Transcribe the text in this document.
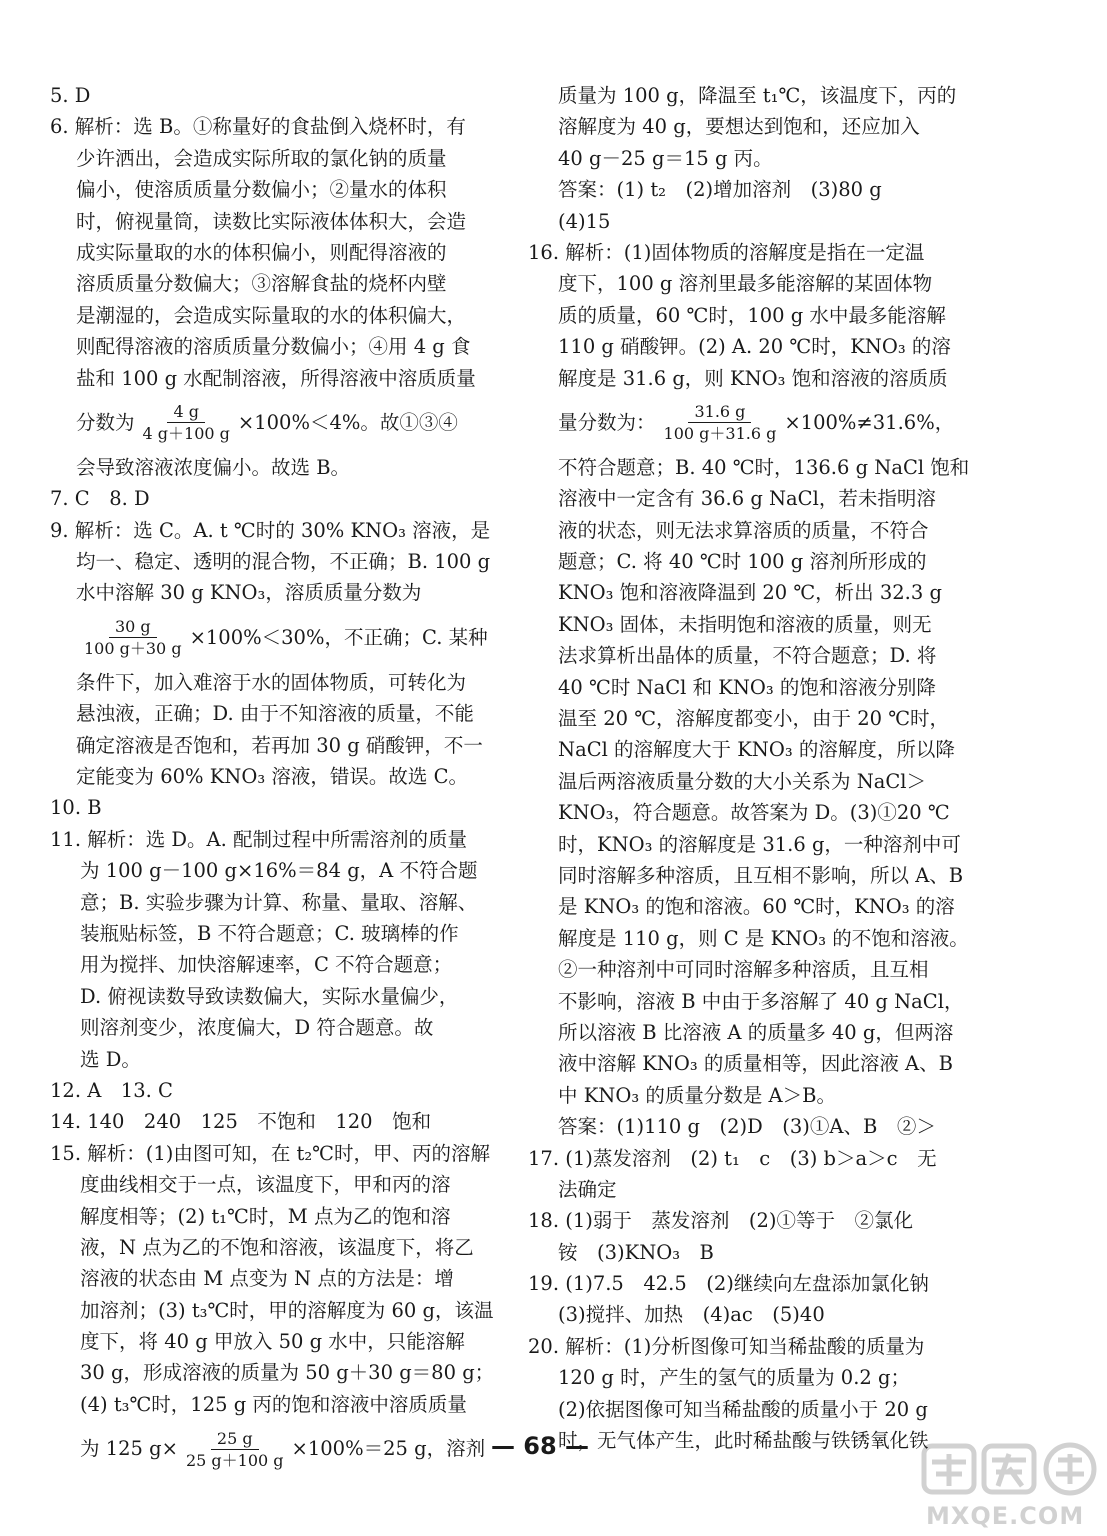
5. D
6. 解析：选 B。①称量好的食盐倒入烧杯时，有
少许洒出，会造成实际所取的氯化钠的质量
偏小，使溶质质量分数偏小；②量水的体积
时，俯视量筒，读数比实际液体体积大，会造
成实际量取的水的体积偏小，则配得溶液的
溶质质量分数偏大；③溶解食盐的烧杯内壁
是潮湿的，会造成实际量取的水的体积偏大，
则配得溶液的溶质质量分数偏小；④用 4 g 食
盐和 100 g 水配制溶液，所得溶液中溶质质量
分数为 $\frac{4 g}{4 g+100 g} \times 100\%<4\%$。故①③④
会导致溶液浓度偏小。故选 B。
7. C　8. D
9. 解析：选 C。A. t ℃时的 30% KNO₃ 溶液，是
均一、稳定、透明的混合物，不正确；B. 100 g
水中溶解 30 g KNO₃，溶质质量分数为
$\frac{30 g}{100 g+30 g} \times 100\%<30\%$，不正确；C. 某种
条件下，加入难溶于水的固体物质，可转化为
悬浊液，正确；D. 由于不知溶液的质量，不能
确定溶液是否饱和，若再加 30 g 硝酸钾，不一
定能变为 60% KNO₃ 溶液，错误。故选 C。
10. B
11. 解析：选 D。A. 配制过程中所需溶剂的质量
为 100 g－100 g×16%＝84 g，A 不符合题
意；B. 实验步骤为计算、称量、量取、溶解、
装瓶贴标签，B 不符合题意；C. 玻璃棒的作
用为搅拌、加快溶解速率，C 不符合题意；
D. 俯视读数导致读数偏大，实际水量偏少，
则溶剂变少，浓度偏大，D 符合题意。故
选 D。
12. A　13. C
14. 140　240　125　不饱和　120　饱和
15. 解析：(1)由图可知，在 t₂℃时，甲、丙的溶解
度曲线相交于一点，该温度下，甲和丙的溶
解度相等；(2) t₁℃时，M 点为乙的饱和溶
液，N 点为乙的不饱和溶液，该温度下，将乙
溶液的状态由 M 点变为 N 点的方法是：增
加溶剂；(3) t₃℃时，甲的溶解度为 60 g，该温
度下，将 40 g 甲放入 50 g 水中，只能溶解
30 g，形成溶液的质量为 50 g＋30 g＝80 g；
(4) t₃℃时，125 g 丙的饱和溶液中溶质质量
为 125 $g\times \frac{25 g}{25 g+100 g} \times 100\%=25$ g，溶剂
质量为 100 g，降温至 t₁℃，该温度下，丙的
溶解度为 40 g，要想达到饱和，还应加入
40 g－25 g＝15 g 丙。
答案：(1) t₂　(2)增加溶剂　(3)80 g
(4)15
16. 解析：(1)固体物质的溶解度是指在一定温
度下，100 g 溶剂里最多能溶解的某固体物
质的质量，60 ℃时，100 g 水中最多能溶解
110 g 硝酸钾。(2) A. 20 ℃时，KNO₃ 的溶
解度是 31.6 g，则 KNO₃ 饱和溶液的溶质质
量分数为： $\frac{31.6 g}{100 g+31.6 g} \times 100\%\ne 31.6\%$，
不符合题意；B. 40 ℃时，136.6 g NaCl 饱和
溶液中一定含有 36.6 g NaCl，若未指明溶
液的状态，则无法求算溶质的质量，不符合
题意；C. 将 40 ℃时 100 g 溶剂所形成的
KNO₃ 饱和溶液降温到 20 ℃，析出 32.3 g
KNO₃ 固体，未指明饱和溶液的质量，则无
法求算析出晶体的质量，不符合题意；D. 将
40 ℃时 NaCl 和 KNO₃ 的饱和溶液分别降
温至 20 ℃，溶解度都变小，由于 20 ℃时，
NaCl 的溶解度大于 KNO₃ 的溶解度，所以降
温后两溶液质量分数的大小关系为 NaCl＞
KNO₃，符合题意。故答案为 D。(3)①20 ℃
时，KNO₃ 的溶解度是 31.6 g，一种溶剂中可
同时溶解多种溶质，且互相不影响，所以 A、B
是 KNO₃ 的饱和溶液。60 ℃时，KNO₃ 的溶
解度是 110 g，则 C 是 KNO₃ 的不饱和溶液。
②一种溶剂中可同时溶解多种溶质，且互相
不影响，溶液 B 中由于多溶解了 40 g NaCl，
所以溶液 B 比溶液 A 的质量多 40 g，但两溶
液中溶解 KNO₃ 的质量相等，因此溶液 A、B
中 KNO₃ 的质量分数是 A＞B。
答案：(1)110 g　(2)D　(3)①A、B　②＞
17. (1)蒸发溶剂　(2) t₁　c　(3) b＞a＞c　无
法确定
18. (1)弱于　蒸发溶剂　(2)①等于　②氯化
铵　(3)KNO₃　B
19. (1)7.5　42.5　(2)继续向左盘添加氯化钠
(3)搅拌、加热　(4)ac　(5)40
20. 解析：(1)分析图像可知当稀盐酸的质量为
120 g 时，产生的氢气的质量为 0.2 g；
(2)依据图像可知当稀盐酸的质量小于 20 g
时，无气体产生，此时稀盐酸与铁锈氧化铁
— 68 —
MXQE.COM
